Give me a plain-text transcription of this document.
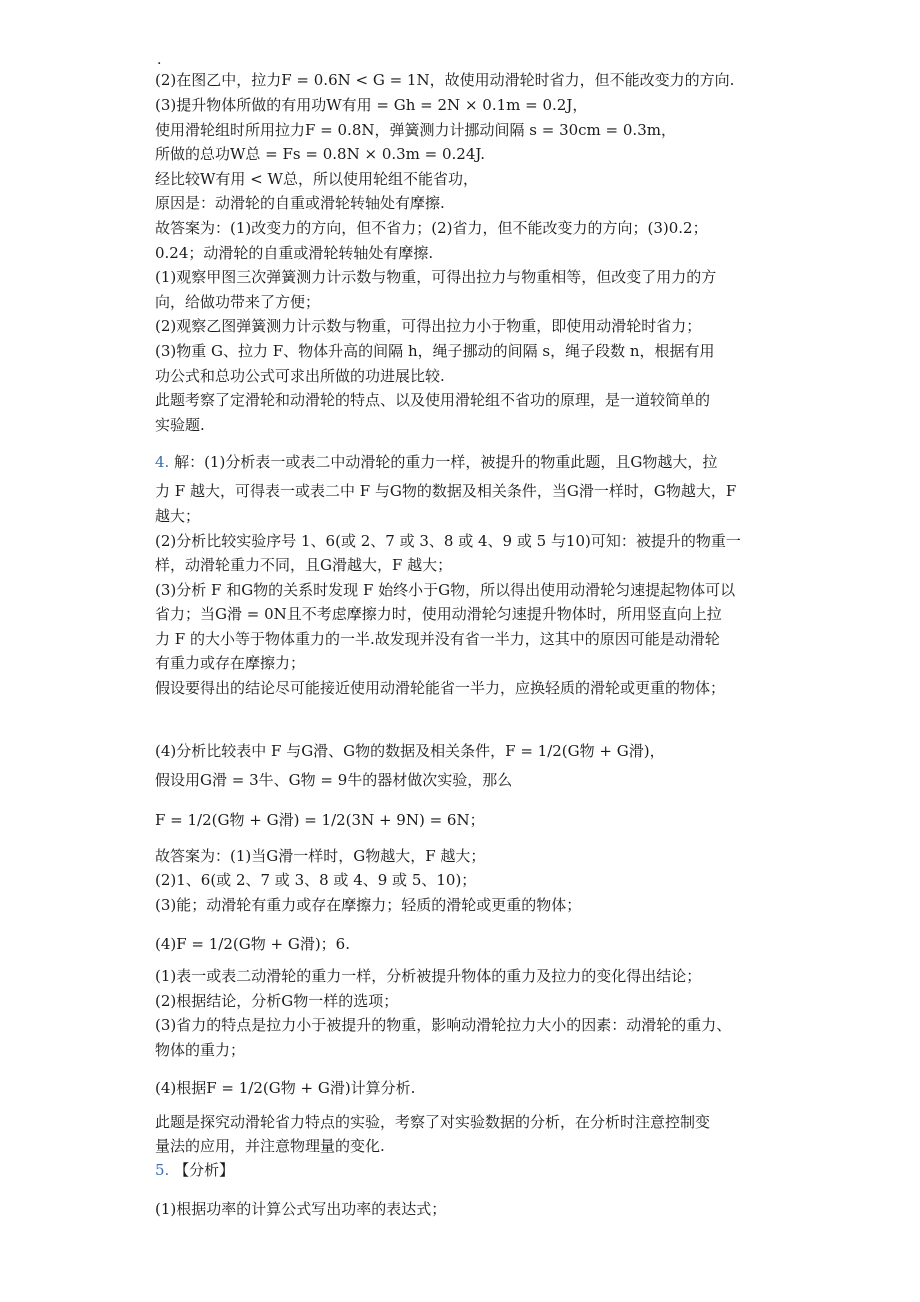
.
(2)在图乙中，拉力F = 0.6N < G = 1N，故使用动滑轮时省力，但不能改变力的方向.
(3)提升物体所做的有用功W有用 = Gh = 2N × 0.1m = 0.2J，
使用滑轮组时所用拉力F = 0.8N，弹簧测力计挪动间隔 s = 30cm = 0.3m，
所做的总功W总 = Fs = 0.8N × 0.3m = 0.24J.
经比较W有用 < W总，所以使用轮组不能省功，
原因是：动滑轮的自重或滑轮转轴处有摩擦.
故答案为：(1)改变力的方向，但不省力；(2)省力，但不能改变力的方向；(3)0.2；
0.24；动滑轮的自重或滑轮转轴处有摩擦.
(1)观察甲图三次弹簧测力计示数与物重，可得出拉力与物重相等，但改变了用力的方
向，给做功带来了方便；
(2)观察乙图弹簧测力计示数与物重，可得出拉力小于物重，即使用动滑轮时省力；
(3)物重 G、拉力 F、物体升高的间隔 h，绳子挪动的间隔 s，绳子段数 n，根据有用
功公式和总功公式可求出所做的功进展比较.
此题考察了定滑轮和动滑轮的特点、以及使用滑轮组不省功的原理，是一道较简单的
实验题.
4. 解：(1)分析表一或表二中动滑轮的重力一样，被提升的物重此题，且G物越大，拉
力 F 越大，可得表一或表二中 F 与G物的数据及相关条件，当G滑一样时，G物越大，F
越大；
(2)分析比较实验序号 1、6(或 2、7 或 3、8 或 4、9 或 5 与10)可知：被提升的物重一
样，动滑轮重力不同，且G滑越大，F 越大；
(3)分析 F 和G物的关系时发现 F 始终小于G物，所以得出使用动滑轮匀速提起物体可以
省力；当G滑 = 0N且不考虑摩擦力时，使用动滑轮匀速提升物体时，所用竖直向上拉
力 F 的大小等于物体重力的一半.故发现并没有省一半力，这其中的原因可能是动滑轮
有重力或存在摩擦力；
假设要得出的结论尽可能接近使用动滑轮能省一半力，应换轻质的滑轮或更重的物体；
(4)分析比较表中 F 与G滑、G物的数据及相关条件，F = 1/2(G物 + G滑)，
假设用G滑 = 3牛、G物 = 9牛的器材做次实验，那么
F = 1/2(G物 + G滑) = 1/2(3N + 9N) = 6N；
故答案为：(1)当G滑一样时，G物越大，F 越大；
(2)1、6(或 2、7 或 3、8 或 4、9 或 5、10)；
(3)能；动滑轮有重力或存在摩擦力；轻质的滑轮或更重的物体；
(4)F = 1/2(G物 + G滑)；6.
(1)表一或表二动滑轮的重力一样，分析被提升物体的重力及拉力的变化得出结论；
(2)根据结论，分析G物一样的选项；
(3)省力的特点是拉力小于被提升的物重，影响动滑轮拉力大小的因素：动滑轮的重力、
物体的重力；
(4)根据F = 1/2(G物 + G滑)计算分析.
此题是探究动滑轮省力特点的实验，考察了对实验数据的分析，在分析时注意控制变
量法的应用，并注意物理量的变化.
5. 【分析】
(1)根据功率的计算公式写出功率的表达式；
